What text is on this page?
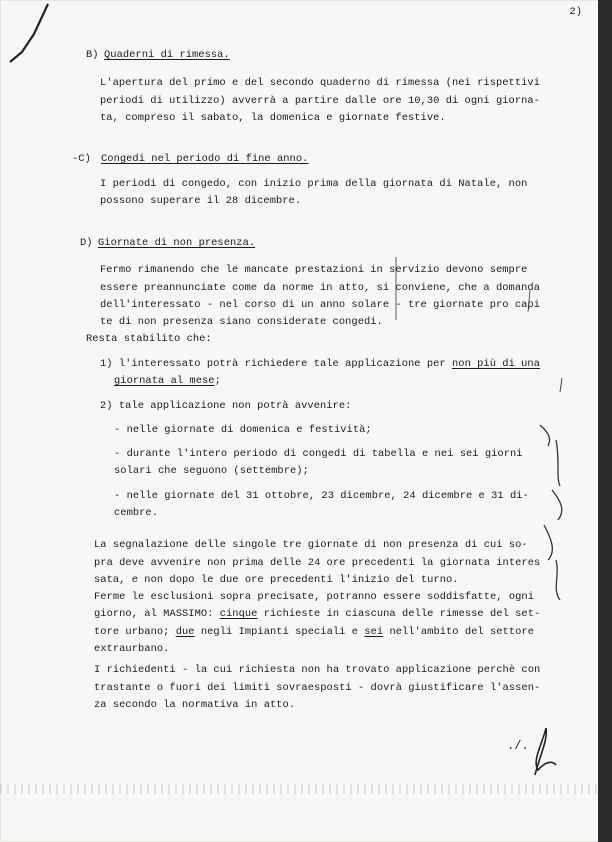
2)
B) Quaderni di rimessa.
L'apertura del primo e del secondo quaderno di rimessa (nei rispettivi
periodi di utilizzo) avverrà a partire dalle ore 10,30 di ogni giorna-
ta, compreso il sabato, la domenica e giornate festive.
-C) Congedi nel periodo di fine anno.
I periodi di congedo, con inizio prima della giornata di Natale, non
possono superare il 28 dicembre.
D) Giornate di non presenza.
Fermo rimanendo che le mancate prestazioni in servizio devono sempre
essere preannunciate come da norme in atto, si conviene, che a domanda
dell'interessato - nel corso di un anno solare - tre giornate pro capi
te di non presenza siano considerate congedi.
Resta stabilito che:
1) l'interessato potrà richiedere tale applicazione per non più di una
giornata al mese;
2) tale applicazione non potrà avvenire:
- nelle giornate di domenica e festività;
- durante l'intero periodo di congedi di tabella e nei sei giorni
solari che seguono (settembre);
- nelle giornate del 31 ottobre, 23 dicembre, 24 dicembre e 31 di-
cembre.
La segnalazione delle singole tre giornate di non presenza di cui so-
pra deve avvenire non prima delle 24 ore precedenti la giornata interes
sata, e non dopo le due ore precedenti l'inizio del turno.
Ferme le esclusioni sopra precisate, potranno essere soddisfatte, ogni
giorno, al MASSIMO: cinque richieste in ciascuna delle rimesse del set-
tore urbano; due negli Impianti speciali e sei nell'ambito del settore
extraurbano.
I richiedenti - la cui richiesta non ha trovato applicazione perchè con
trastante o fuori dei limiti sovraesposti - dovrà giustificare l'assen-
za secondo la normativa in atto.
./.
